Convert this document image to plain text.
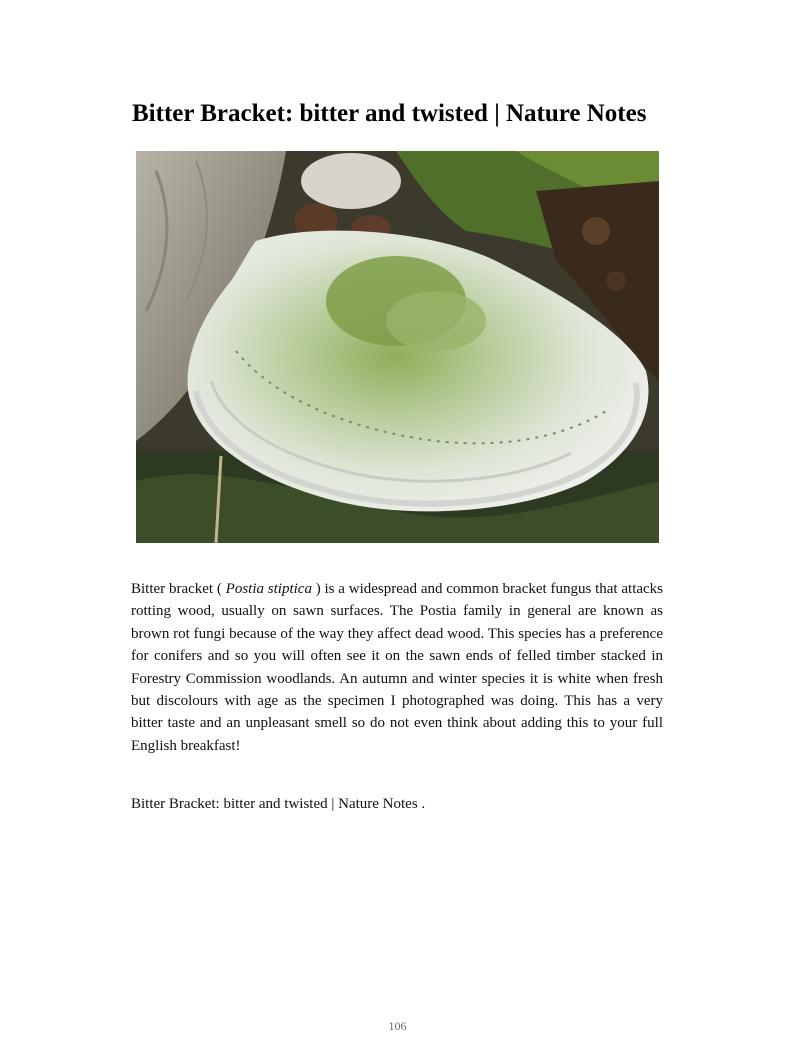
Bitter Bracket: bitter and twisted | Nature Notes

Bitter bracket ( Postia stiptica ) is a widespread and common bracket fungus that attacks rotting wood, usually on sawn surfaces. The Postia family in general are known as brown rot fungi because of the way they affect dead wood. This species has a preference for conifers and so you will often see it on the sawn ends of felled timber stacked in Forestry Commission woodlands. An autumn and winter species it is white when fresh but discolours with age as the specimen I photographed was doing. This has a very bitter taste and an unpleasant smell so do not even think about adding this to your full English breakfast!

Bitter Bracket: bitter and twisted | Nature Notes .

106
